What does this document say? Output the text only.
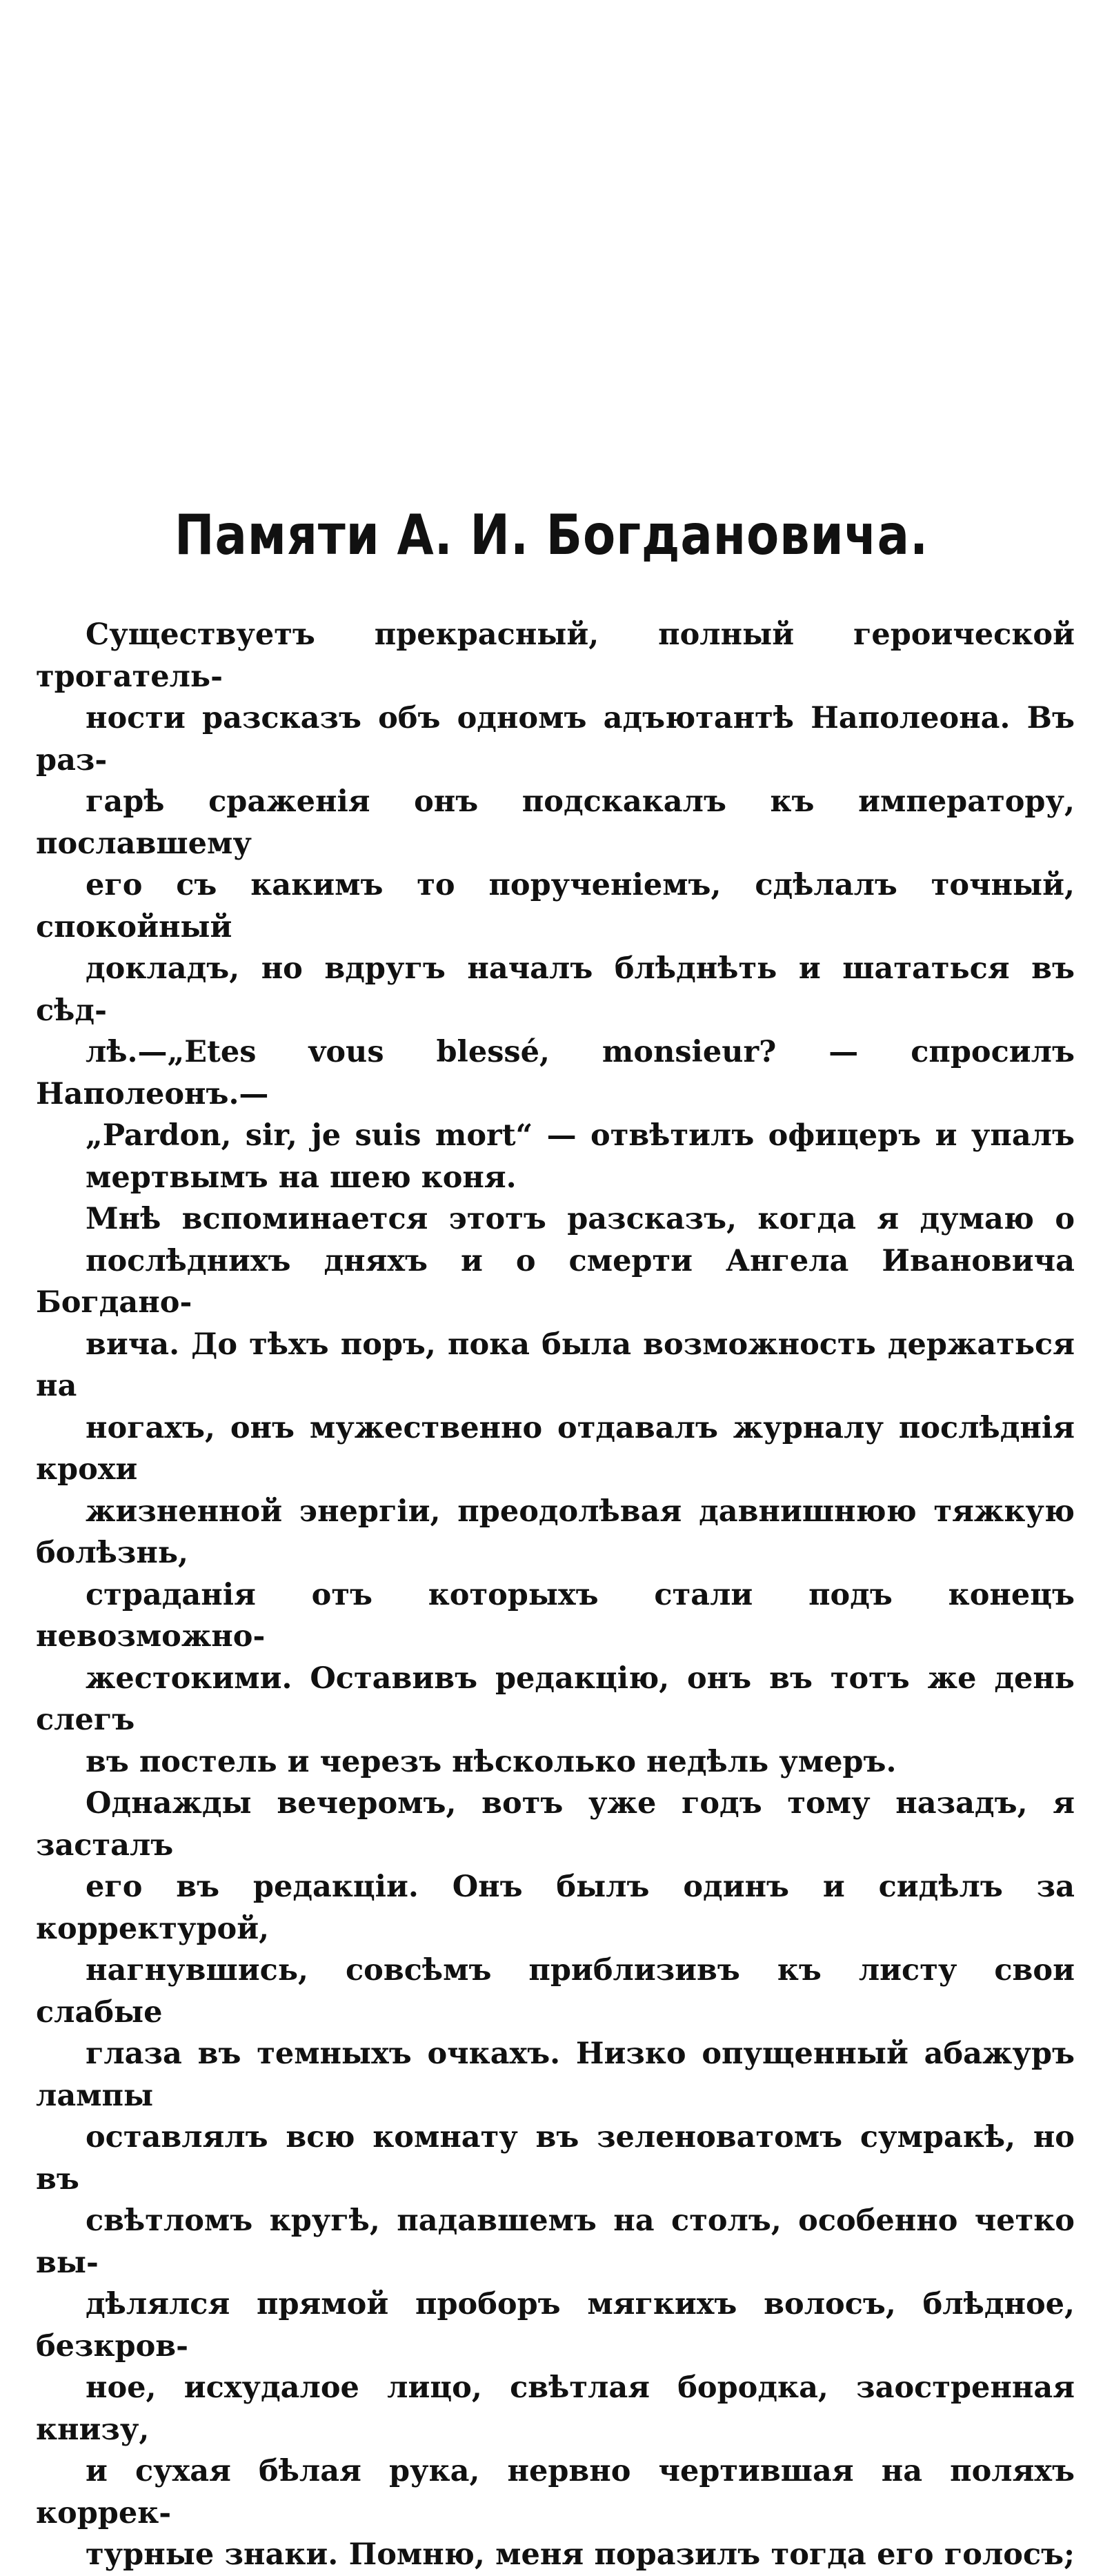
Памяти А. И. Богдановича.
Существуетъ прекрасный, полный героической трогатель-
ности разсказъ объ одномъ адъютантѣ Наполеона. Въ раз-
гарѣ сраженія онъ подскакалъ къ императору, пославшему
его съ какимъ то порученіемъ, сдѣлалъ точный, спокойный
докладъ, но вдругъ началъ блѣднѣть и шататься въ сѣд-
лѣ.—„Etes vous blessé, monsieur? — спросилъ Наполеонъ.—
„Pardon, sir, je suis mort“ — отвѣтилъ офицеръ и упалъ
мертвымъ на шею коня.
Мнѣ вспоминается этотъ разсказъ, когда я думаю о
послѣднихъ дняхъ и о смерти Ангела Ивановича Богдано-
вича. До тѣхъ поръ, пока была возможность держаться на
ногахъ, онъ мужественно отдавалъ журналу послѣднія крохи
жизненной энергіи, преодолѣвая давнишнюю тяжкую болѣзнь,
страданія отъ которыхъ стали подъ конецъ невозможно-
жестокими. Оставивъ редакцію, онъ въ тотъ же день слегъ
въ постель и черезъ нѣсколько недѣль умеръ.
Однажды вечеромъ, вотъ уже годъ тому назадъ, я засталъ
его въ редакціи. Онъ былъ одинъ и сидѣлъ за корректурой,
нагнувшись, совсѣмъ приблизивъ къ листу свои слабые
глаза въ темныхъ очкахъ. Низко опущенный абажуръ лампы
оставлялъ всю комнату въ зеленоватомъ сумракѣ, но въ
свѣтломъ кругѣ, падавшемъ на столъ, особенно четко вы-
дѣлялся прямой проборъ мягкихъ волосъ, блѣдное, безкров-
ное, исхудалое лицо, свѣтлая бородка, заостренная книзу,
и сухая бѣлая рука, нервно чертившая на поляхъ коррек-
турные знаки. Помню, меня поразилъ тогда его голосъ;
